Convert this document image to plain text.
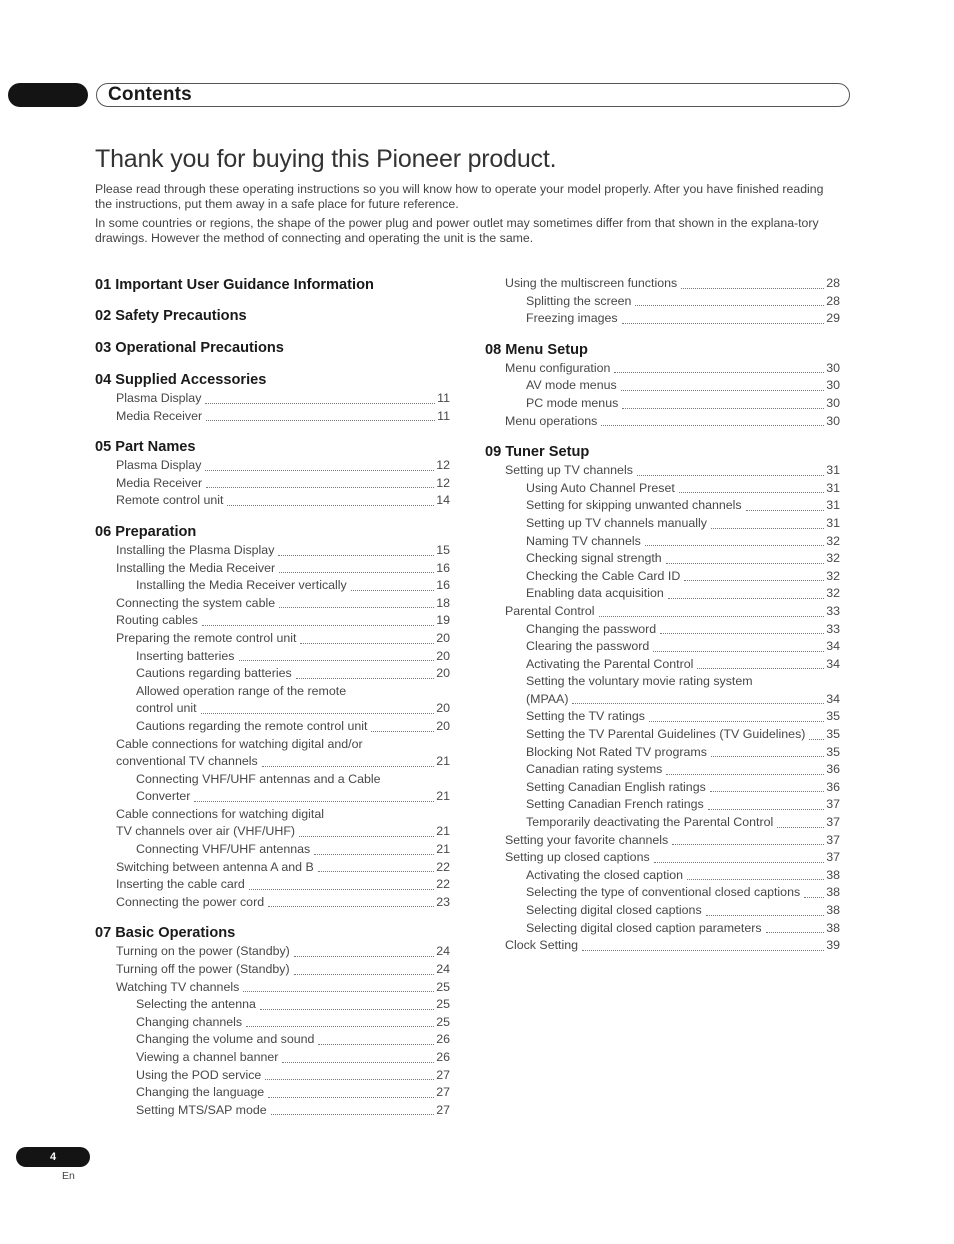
Contents
Thank you for buying this Pioneer product.

Please read through these operating instructions so you will know how to operate your model properly. After you have finished reading the instructions, put them away in a safe place for future reference.

In some countries or regions, the shape of the power plug and power outlet may sometimes differ from that shown in the explana-tory drawings. However the method of connecting and operating the unit is the same.

01 Important User Guidance Information
02 Safety Precautions
03 Operational Precautions
04 Supplied Accessories
Plasma Display	11
Media Receiver	11
05 Part Names
Plasma Display	12
Media Receiver	12
Remote control unit	14
06 Preparation
Installing the Plasma Display	15
Installing the Media Receiver	16
Installing the Media Receiver vertically	16
Connecting the system cable	18
Routing cables	19
Preparing the remote control unit	20
Inserting batteries	20
Cautions regarding batteries	20
Allowed operation range of the remote
control unit	20
Cautions regarding the remote control unit	20
Cable connections for watching digital and/or
conventional TV channels	21
Connecting VHF/UHF antennas and a Cable
Converter	21
Cable connections for watching digital
TV channels over air (VHF/UHF)	21
Connecting VHF/UHF antennas	21
Switching between antenna A and B	22
Inserting the cable card	22
Connecting the power cord	23
07 Basic Operations
Turning on the power (Standby)	24
Turning off the power (Standby)	24
Watching TV channels	25
Selecting the antenna	25
Changing channels	25
Changing the volume and sound	26
Viewing a channel banner	26
Using the POD service	27
Changing the language	27
Setting MTS/SAP mode	27
Using the multiscreen functions	28
Splitting the screen	28
Freezing images	29
08 Menu Setup
Menu configuration	30
AV mode menus	30
PC mode menus	30
Menu operations	30
09 Tuner Setup
Setting up TV channels	31
Using Auto Channel Preset	31
Setting for skipping unwanted channels	31
Setting up TV channels manually	31
Naming TV channels	32
Checking signal strength	32
Checking the Cable Card ID	32
Enabling data acquisition	32
Parental Control	33
Changing the password	33
Clearing the password	34
Activating the Parental Control	34
Setting the voluntary movie rating system
(MPAA)	34
Setting the TV ratings	35
Setting the TV Parental Guidelines (TV Guidelines) 35
Blocking Not Rated TV programs	35
Canadian rating systems	36
Setting Canadian English ratings	36
Setting Canadian French ratings	37
Temporarily deactivating the Parental Control	37
Setting your favorite channels	37
Setting up closed captions	37
Activating the closed caption	38
Selecting the type of conventional closed captions 38
Selecting digital closed captions	38
Selecting digital closed caption parameters	38
Clock Setting	39
4
En
